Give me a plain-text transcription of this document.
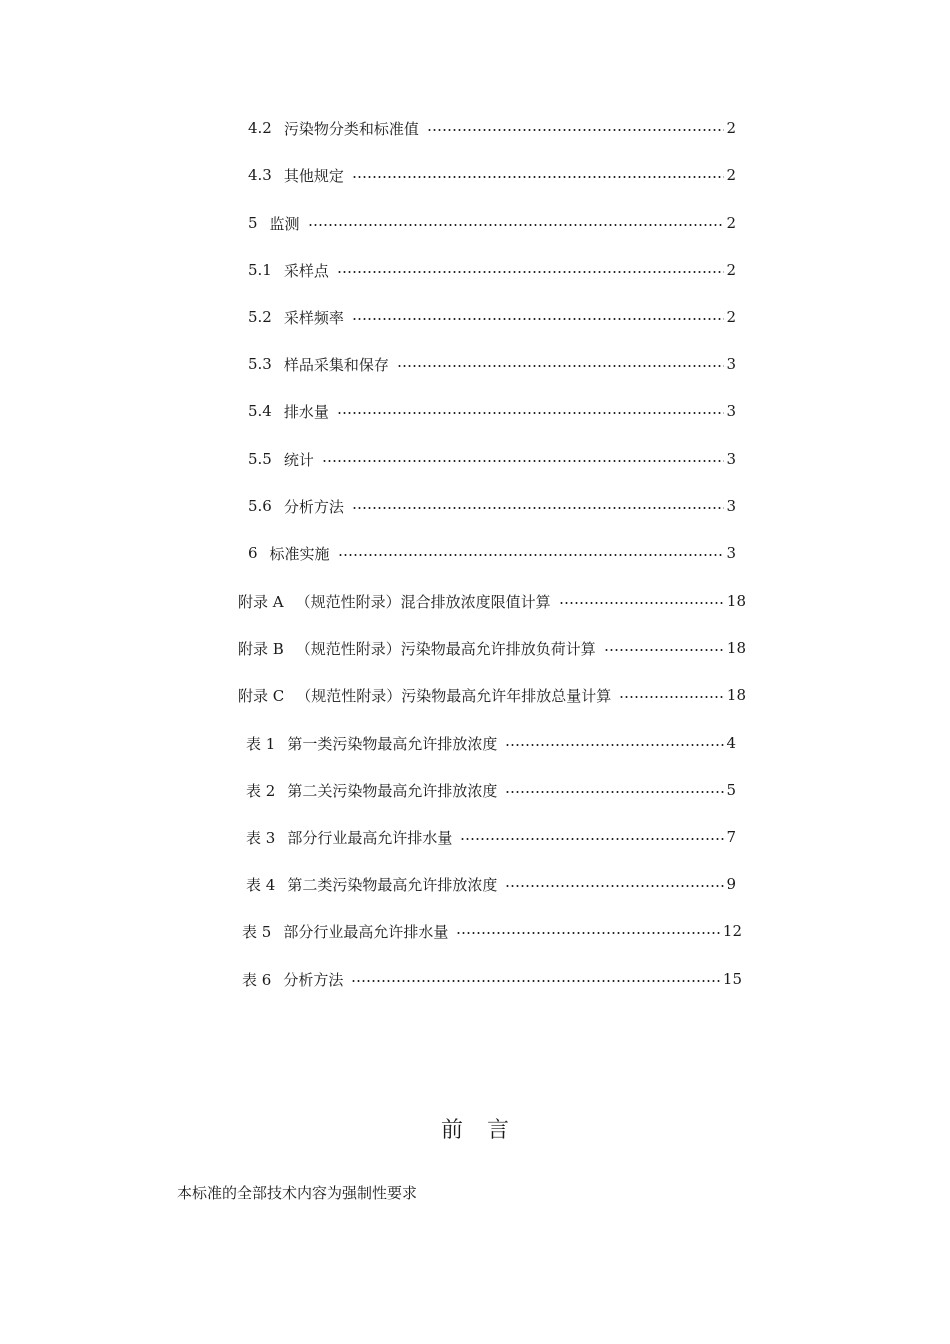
4.2 污染物分类和标准值	2
4.3 其他规定	2
5 监测	2
5.1 采样点	2
5.2 采样频率	2
5.3 样品采集和保存	3
5.4 排水量	3
5.5 统计	3
5.6 分析方法	3
6 标准实施	3
附录 A （规范性附录）混合排放浓度限值计算	18
附录 B （规范性附录）污染物最高允许排放负荷计算	18
附录 C （规范性附录）污染物最高允许年排放总量计算	18
表 1 第一类污染物最高允许排放浓度	4
表 2 第二关污染物最高允许排放浓度	5
表 3 部分行业最高允许排水量	7
表 4 第二类污染物最高允许排放浓度	9
表 5 部分行业最高允许排水量	12
表 6 分析方法	15
前言
本标准的全部技术内容为强制性要求
